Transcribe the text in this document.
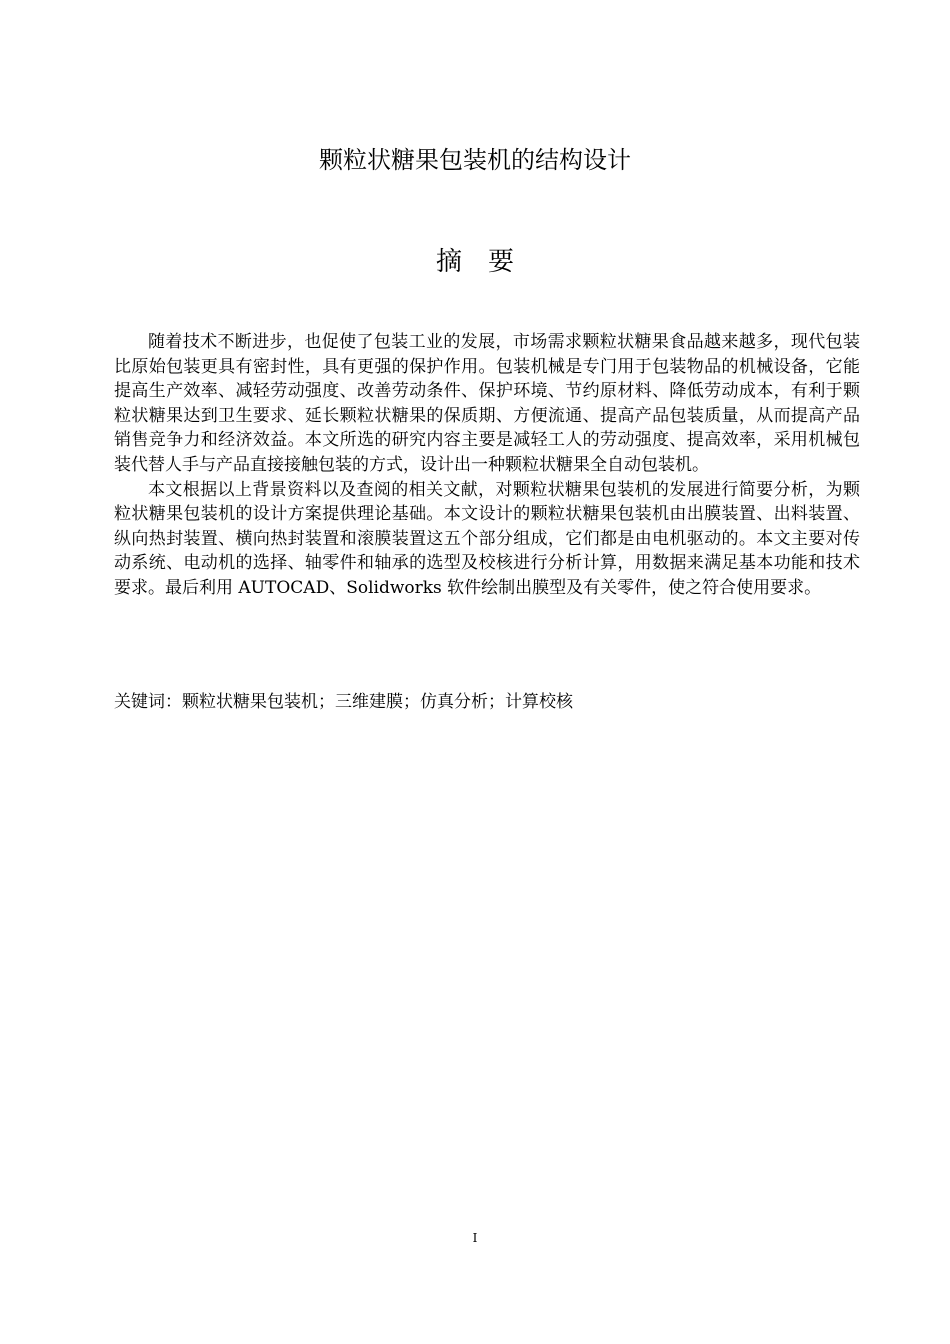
颗粒状糖果包装机的结构设计
摘要

随着技术不断进步，也促使了包装工业的发展，市场需求颗粒状糖果食品越来越多，现代包装比原始包装更具有密封性，具有更强的保护作用。包装机械是专门用于包装物品的机械设备，它能提高生产效率、减轻劳动强度、改善劳动条件、保护环境、节约原材料、降低劳动成本，有利于颗粒状糖果达到卫生要求、延长颗粒状糖果的保质期、方便流通、提高产品包装质量，从而提高产品销售竞争力和经济效益。本文所选的研究内容主要是减轻工人的劳动强度、提高效率，采用机械包装代替人手与产品直接接触包装的方式，设计出一种颗粒状糖果全自动包装机。

本文根据以上背景资料以及查阅的相关文献，对颗粒状糖果包装机的发展进行简要分析，为颗粒状糖果包装机的设计方案提供理论基础。本文设计的颗粒状糖果包装机由出膜装置、出料装置、纵向热封装置、横向热封装置和滚膜装置这五个部分组成，它们都是由电机驱动的。本文主要对传动系统、电动机的选择、轴零件和轴承的选型及校核进行分析计算，用数据来满足基本功能和技术要求。最后利用 AUTOCAD、Solidworks 软件绘制出膜型及有关零件，使之符合使用要求。

关键词：颗粒状糖果包装机；三维建膜；仿真分析；计算校核

I
